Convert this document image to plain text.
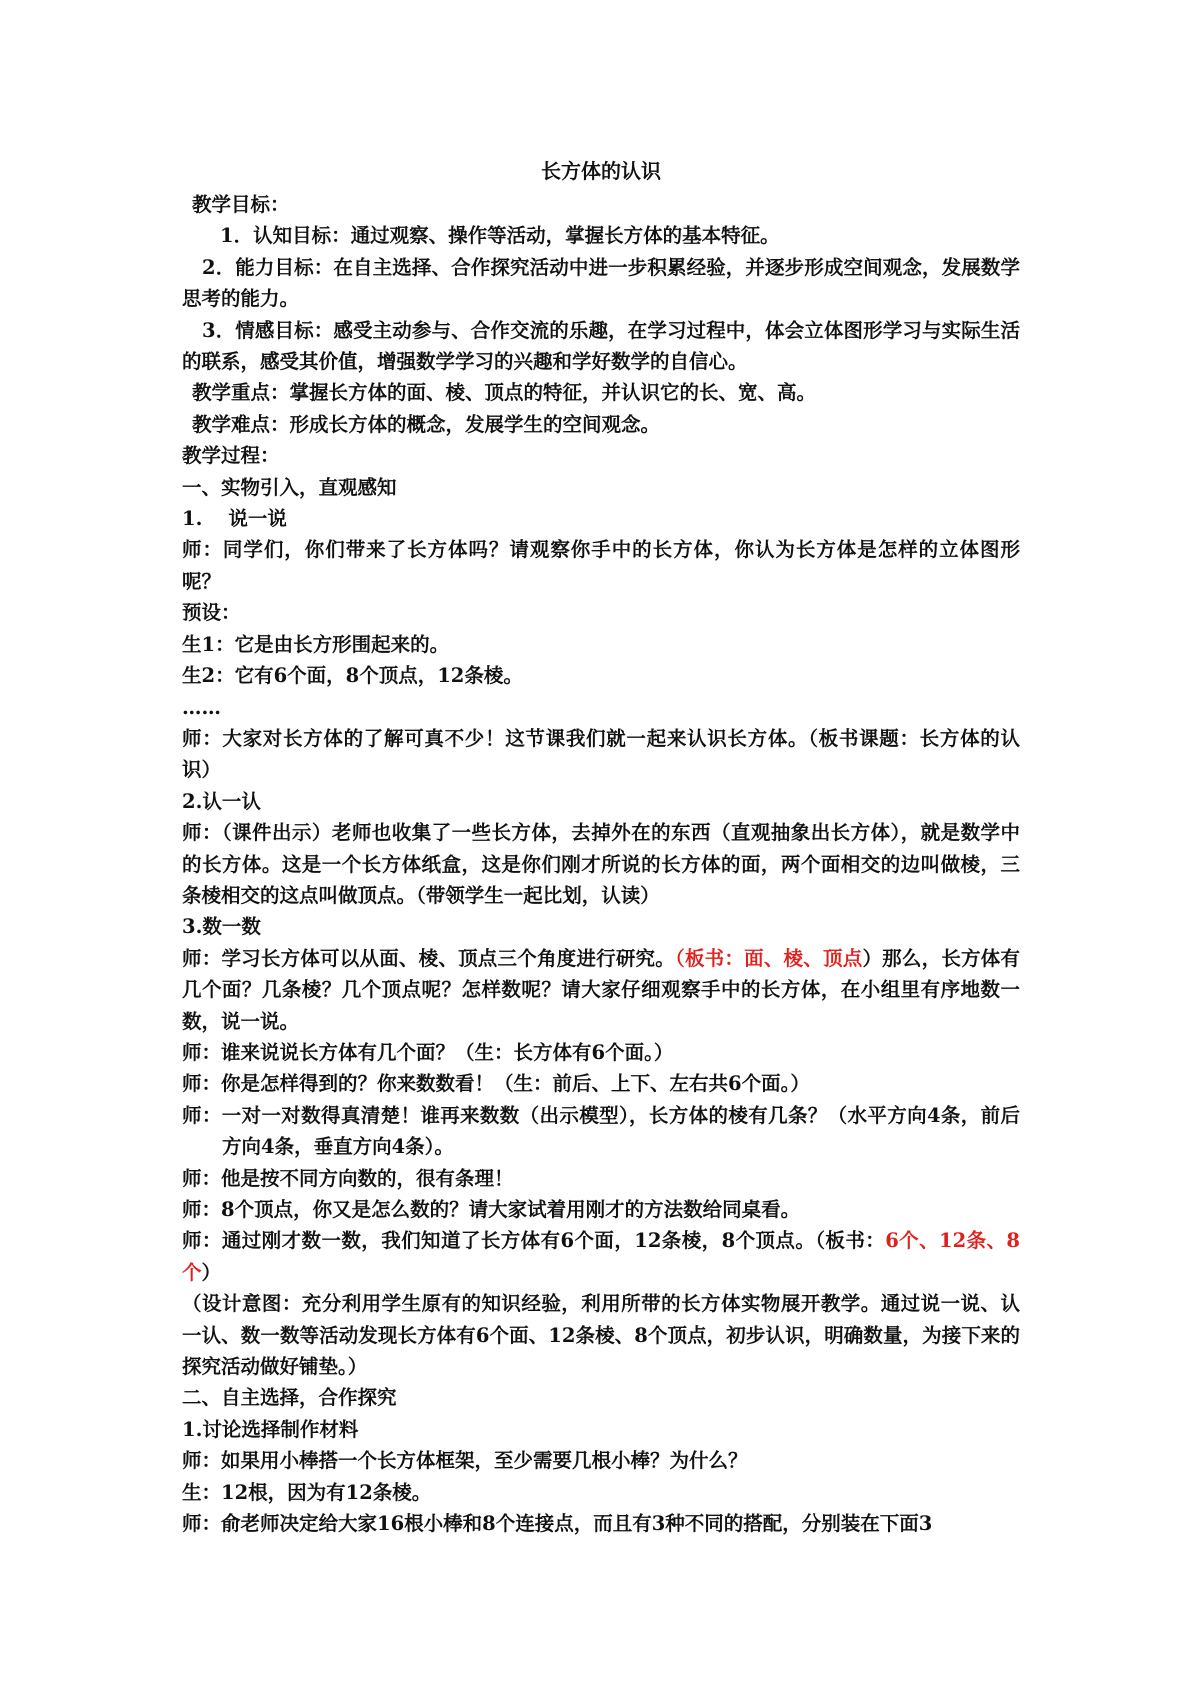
长方体的认识

教学目标：

1．认知目标：通过观察、操作等活动，掌握长方体的基本特征。

2．能力目标：在自主选择、合作探究活动中进一步积累经验，并逐步形成空间观念，发展数学思考的能力。

3．情感目标：感受主动参与、合作交流的乐趣，在学习过程中，体会立体图形学习与实际生活的联系，感受其价值，增强数学学习的兴趣和学好数学的自信心。

教学重点：掌握长方体的面、棱、顶点的特征，并认识它的长、宽、高。

教学难点：形成长方体的概念，发展学生的空间观念。

教学过程：

一、实物引入，直观感知

1. 说一说

师：同学们，你们带来了长方体吗？请观察你手中的长方体，你认为长方体是怎样的立体图形呢？

预设：

生1：它是由长方形围起来的。

生2：它有6个面，8个顶点，12条棱。

……

师：大家对长方体的了解可真不少！这节课我们就一起来认识长方体。（板书课题：长方体的认识）

2.认一认

师：（课件出示）老师也收集了一些长方体，去掉外在的东西（直观抽象出长方体），就是数学中的长方体。这是一个长方体纸盒，这是你们刚才所说的长方体的面，两个面相交的边叫做棱，三条棱相交的这点叫做顶点。（带领学生一起比划，认读）

3.数一数

师：学习长方体可以从面、棱、顶点三个角度进行研究。（板书：面、棱、顶点）那么，长方体有几个面？几条棱？几个顶点呢？怎样数呢？请大家仔细观察手中的长方体，在小组里有序地数一数，说一说。

师：谁来说说长方体有几个面？（生：长方体有6个面。）

师：你是怎样得到的？你来数数看！（生：前后、上下、左右共6个面。）

师：一对一对数得真清楚！谁再来数数（出示模型），长方体的棱有几条？（水平方向4条，前后方向4条，垂直方向4条）。

师：他是按不同方向数的，很有条理！

师：8个顶点，你又是怎么数的？请大家试着用刚才的方法数给同桌看。

师：通过刚才数一数，我们知道了长方体有6个面，12条棱，8个顶点。（板书：6个、12条、8个）

（设计意图：充分利用学生原有的知识经验，利用所带的长方体实物展开教学。通过说一说、认一认、数一数等活动发现长方体有6个面、12条棱、8个顶点，初步认识，明确数量，为接下来的探究活动做好铺垫。）

二、自主选择，合作探究

1.讨论选择制作材料

师：如果用小棒搭一个长方体框架，至少需要几根小棒？为什么？

生：12根，因为有12条棱。

师：俞老师决定给大家16根小棒和8个连接点，而且有3种不同的搭配，分别装在下面3
